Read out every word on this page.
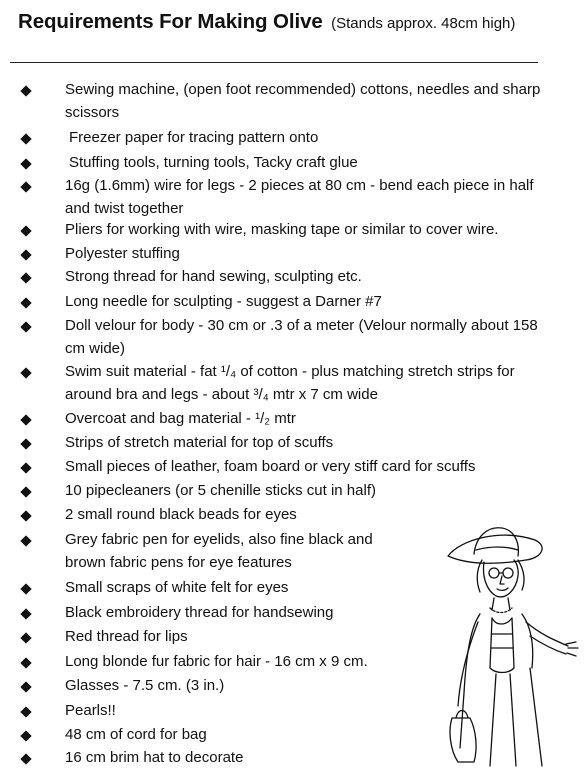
Requirements For Making Olive (Stands approx. 48cm high)
Sewing machine, (open foot recommended) cottons, needles and sharp
scissors
Freezer paper for tracing pattern onto
Stuffing tools, turning tools, Tacky craft glue
16g (1.6mm) wire for legs - 2 pieces at 80 cm - bend each piece in half
and twist together
Pliers for working with wire, masking tape or similar to cover wire.
Polyester stuffing
Strong thread for hand sewing, sculpting etc.
Long needle for sculpting - suggest a Darner #7
Doll velour for body - 30 cm or .3 of a meter (Velour normally about 158
cm wide)
Swim suit material - fat ¹/₄ of cotton - plus matching stretch strips for
around bra and legs - about ³/₄ mtr x 7 cm wide
Overcoat and bag material - ¹/₂ mtr
Strips of stretch material for top of scuffs
Small pieces of leather, foam board or very stiff card for scuffs
10 pipecleaners (or 5 chenille sticks cut in half)
2 small round black beads for eyes
Grey fabric pen for eyelids, also fine black and
brown fabric pens for eye features
Small scraps of white felt for eyes
Black embroidery thread for handsewing
Red thread for lips
Long blonde fur fabric for hair - 16 cm x 9 cm.
Glasses - 7.5 cm. (3 in.)
Pearls!!
48 cm of cord for bag
16 cm brim hat to decorate
